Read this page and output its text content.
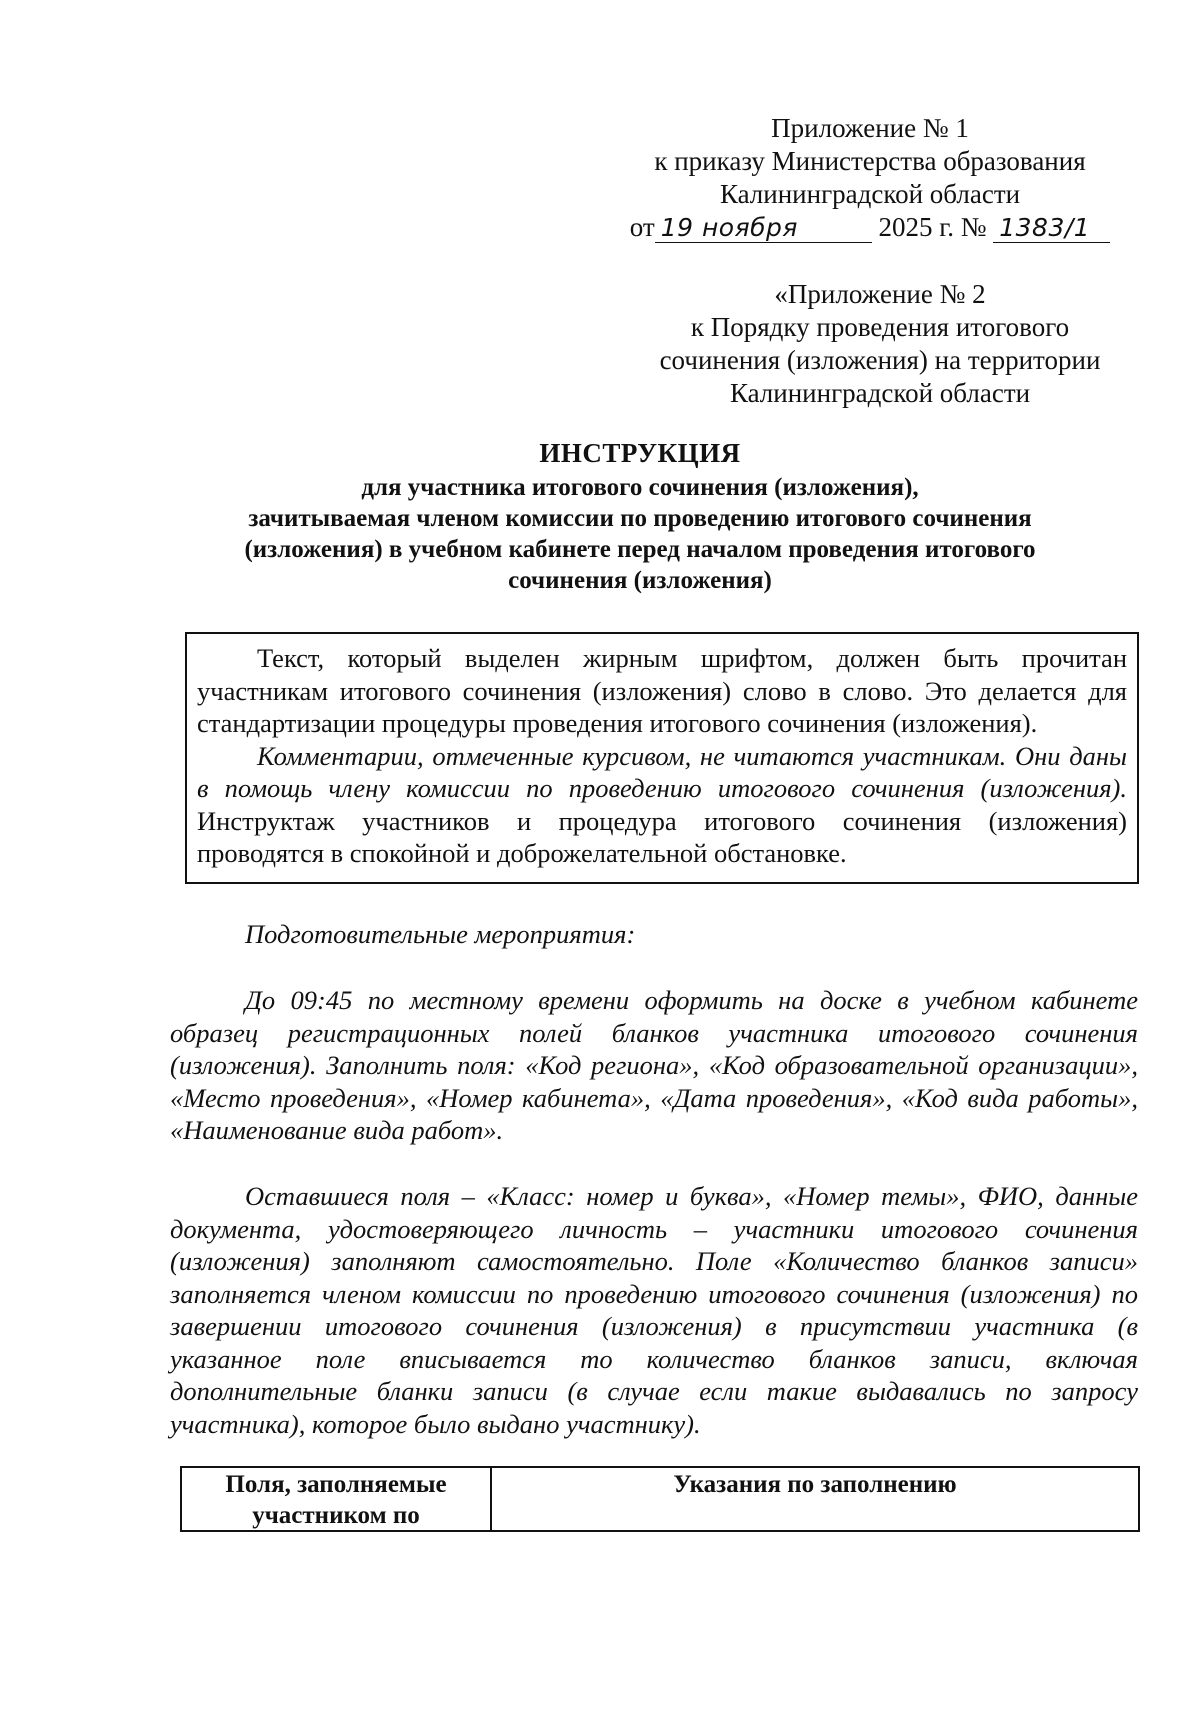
Приложение № 1
к приказу Министерства образования
Калининградской области
от 19 ноября	2025 г. № 1383/1
«Приложение № 2
к Порядку проведения итогового
сочинения (изложения) на территории
Калининградской области
ИНСТРУКЦИЯ
для участника итогового сочинения (изложения),
зачитываемая членом комиссии по проведению итогового сочинения
(изложения) в учебном кабинете перед началом проведения итогового
сочинения (изложения)

Текст, который выделен жирным шрифтом, должен быть прочитан участникам итогового сочинения (изложения) слово в слово. Это делается для стандартизации процедуры проведения итогового сочинения (изложения).

Комментарии, отмеченные курсивом, не читаются участникам. Они даны в помощь члену комиссии по проведению итогового сочинения (изложения). Инструктаж участников и процедура итогового сочинения (изложения) проводятся в спокойной и доброжелательной обстановке.

Подготовительные мероприятия:

До 09:45 по местному времени оформить на доске в учебном кабинете образец регистрационных полей бланков участника итогового сочинения (изложения). Заполнить поля: «Код региона», «Код образовательной организации», «Место проведения», «Номер кабинета», «Дата проведения», «Код вида работы», «Наименование вида работ».

Оставшиеся поля – «Класс: номер и буква», «Номер темы», ФИО, данные документа, удостоверяющего личность – участники итогового сочинения (изложения) заполняют самостоятельно. Поле «Количество бланков записи» заполняется членом комиссии по проведению итогового сочинения (изложения) по завершении итогового сочинения (изложения) в присутствии участника (в указанное поле вписывается то количество бланков записи, включая дополнительные бланки записи (в случае если такие выдавались по запросу участника), которое было выдано участнику).

Поля, заполняемые
участником по
Указания по заполнению
